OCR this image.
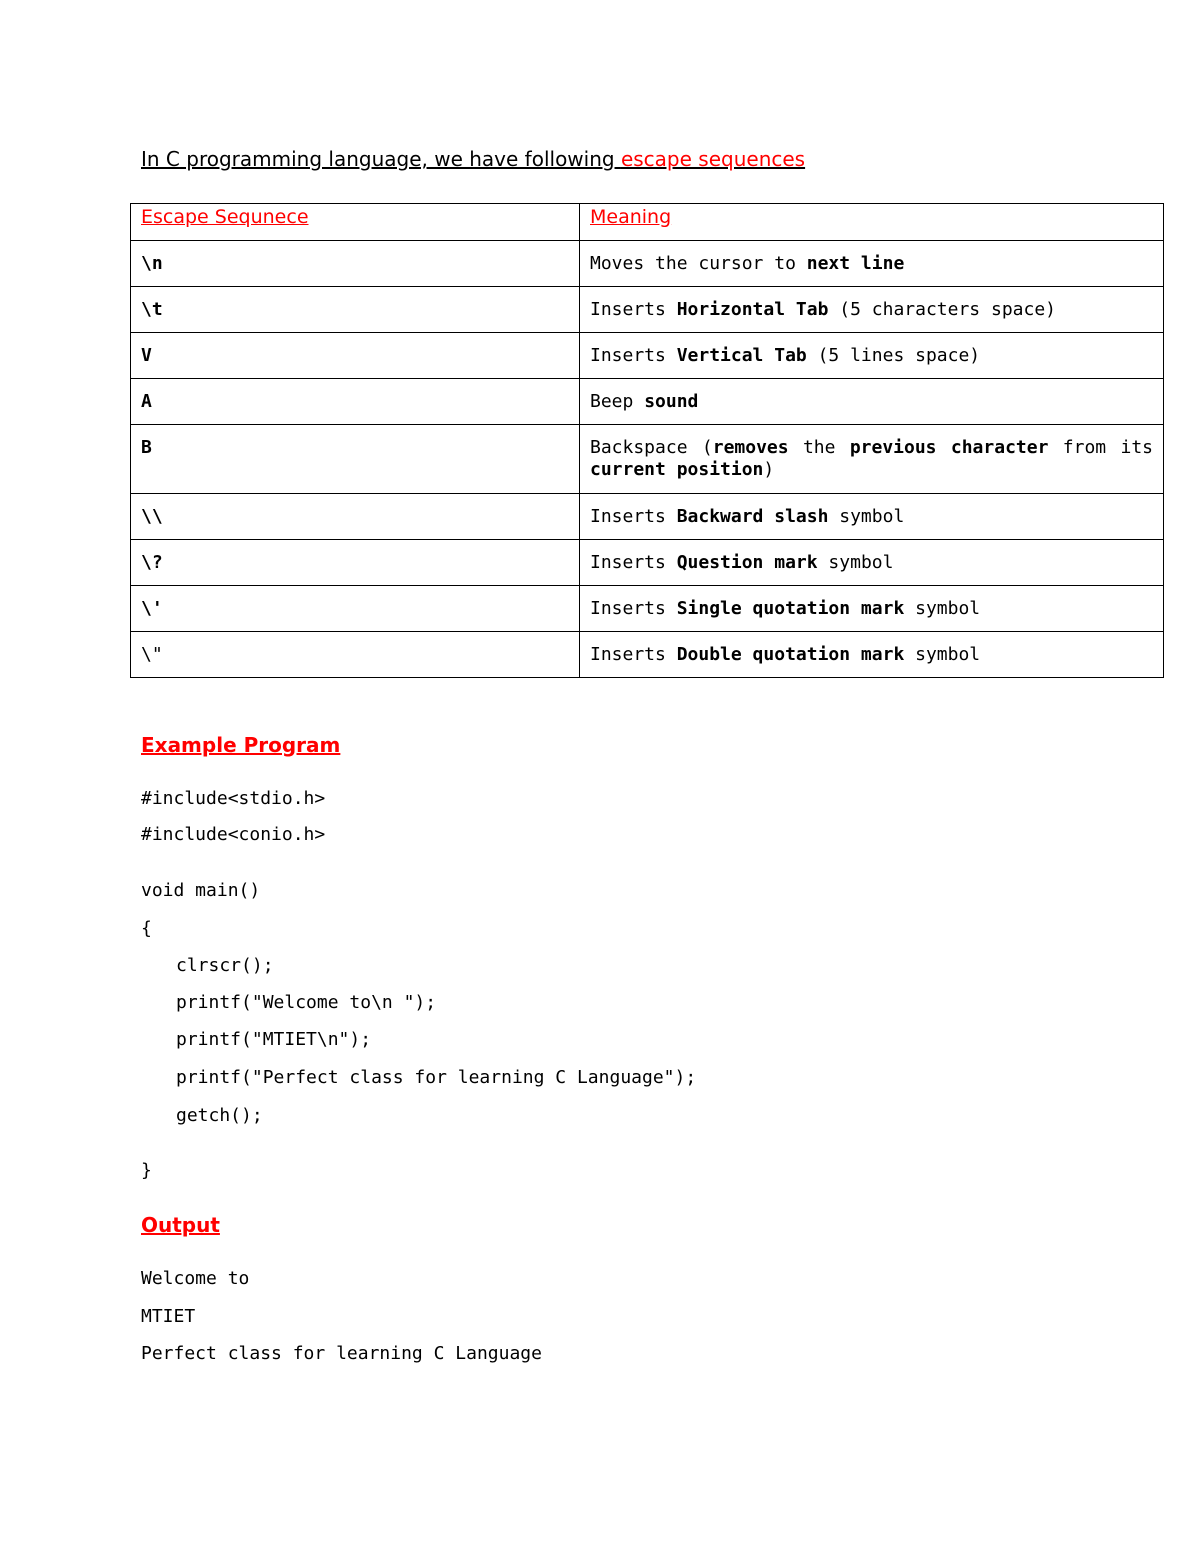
In C programming language, we have following escape sequences
Escape Sequnece	Meaning
\n	Moves the cursor to next line
\t	Inserts Horizontal Tab (5 characters space)
V	Inserts Vertical Tab (5 lines space)
A	Beep sound
B	Backspace (removes the previous character from its current position)
\\	Inserts Backward slash symbol
\?	Inserts Question mark symbol
\'	Inserts Single quotation mark symbol
\"	Inserts Double quotation mark symbol
Example Program
#include<stdio.h>
#include<conio.h>
void main()
{
clrscr();
printf("Welcome to\n ");
printf("MTIET\n");
printf("Perfect class for learning C Language");
getch();
}
Output
Welcome to
MTIET
Perfect class for learning C Language
